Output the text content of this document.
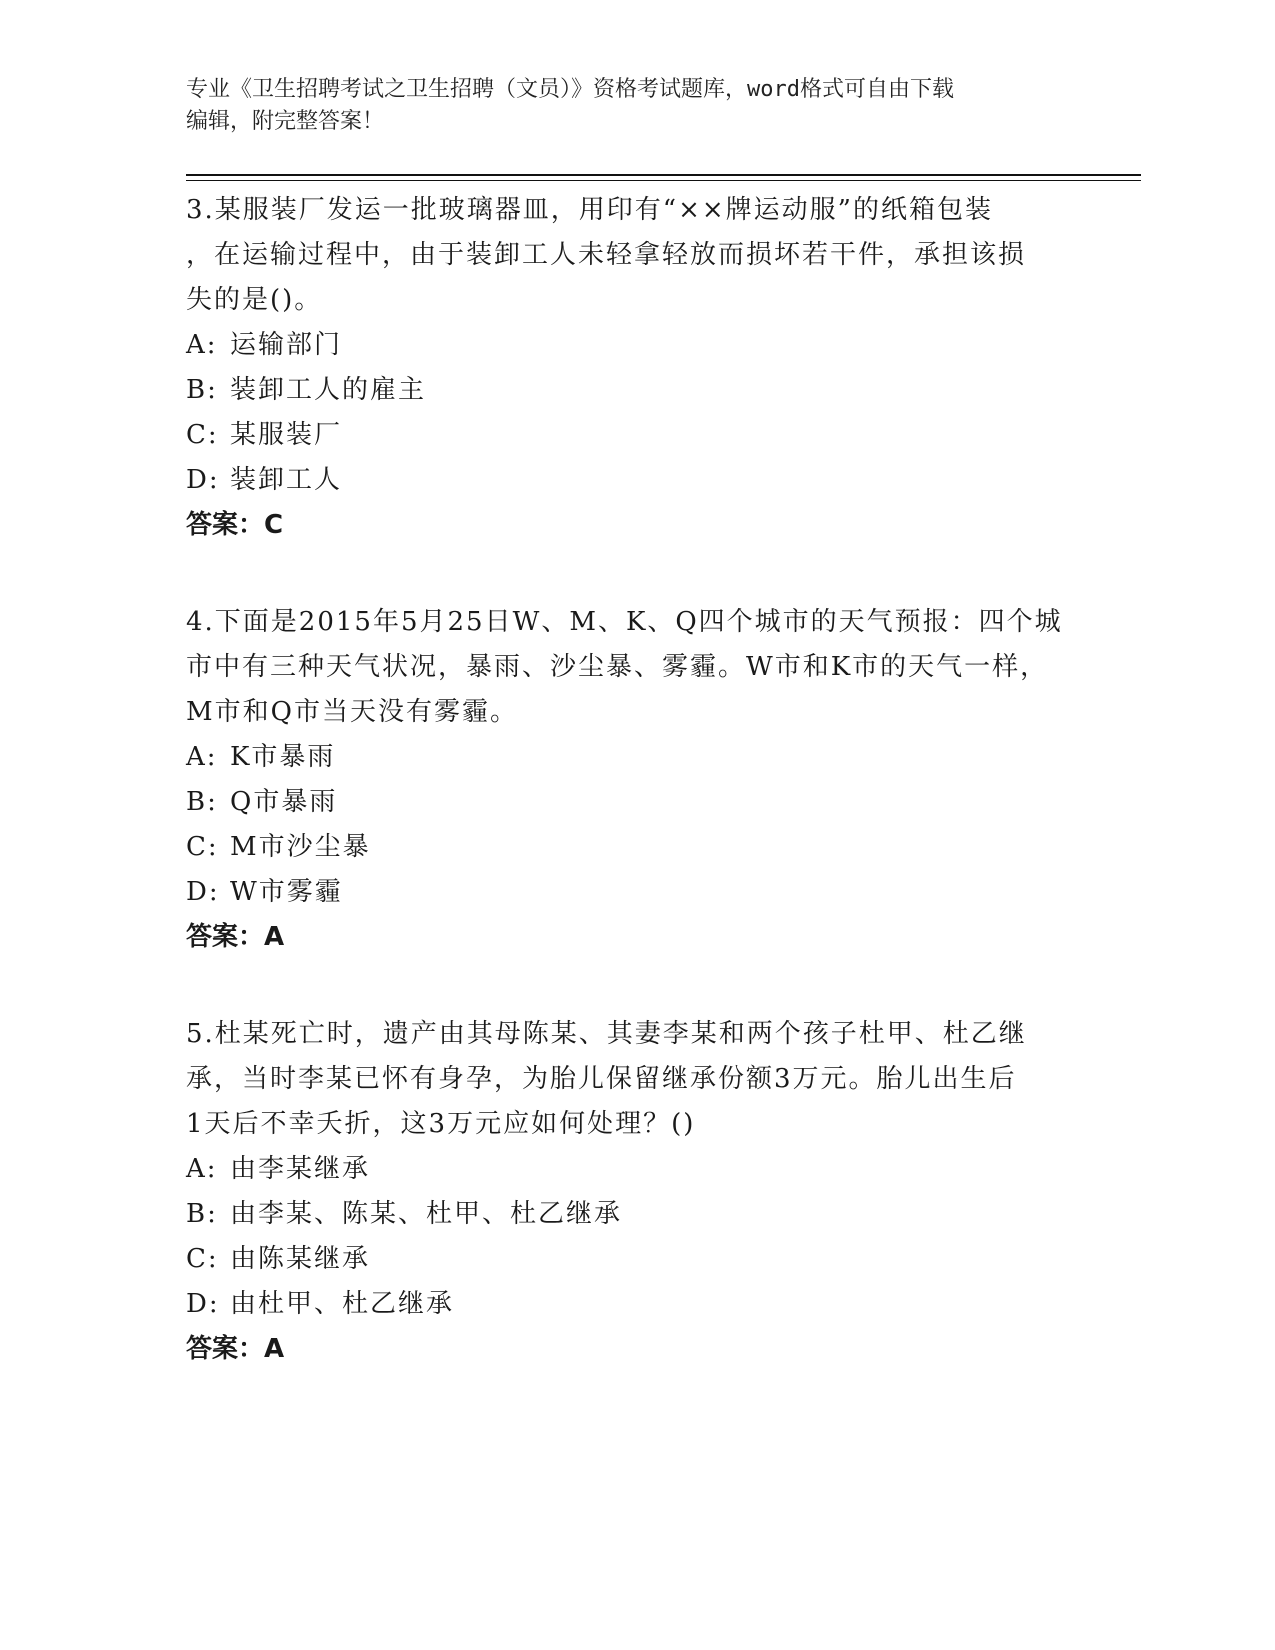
专业《卫生招聘考试之卫生招聘（文员）》资格考试题库，word格式可自由下载
编辑，附完整答案！

3.某服装厂发运一批玻璃器皿，用印有“××牌运动服”的纸箱包装

，在运输过程中，由于装卸工人未轻拿轻放而损坏若干件，承担该损

失的是()。

A: 运输部门

B: 装卸工人的雇主

C: 某服装厂

D: 装卸工人

答案：C

4.下面是2015年5月25日W、M、K、Q四个城市的天气预报：四个城

市中有三种天气状况，暴雨、沙尘暴、雾霾。W市和K市的天气一样，

M市和Q市当天没有雾霾。

A: K市暴雨

B: Q市暴雨

C: M市沙尘暴

D: W市雾霾

答案：A

5.杜某死亡时，遗产由其母陈某、其妻李某和两个孩子杜甲、杜乙继

承，当时李某已怀有身孕，为胎儿保留继承份额3万元。胎儿出生后

1天后不幸夭折，这3万元应如何处理？()

A: 由李某继承

B: 由李某、陈某、杜甲、杜乙继承

C: 由陈某继承

D: 由杜甲、杜乙继承

答案：A
